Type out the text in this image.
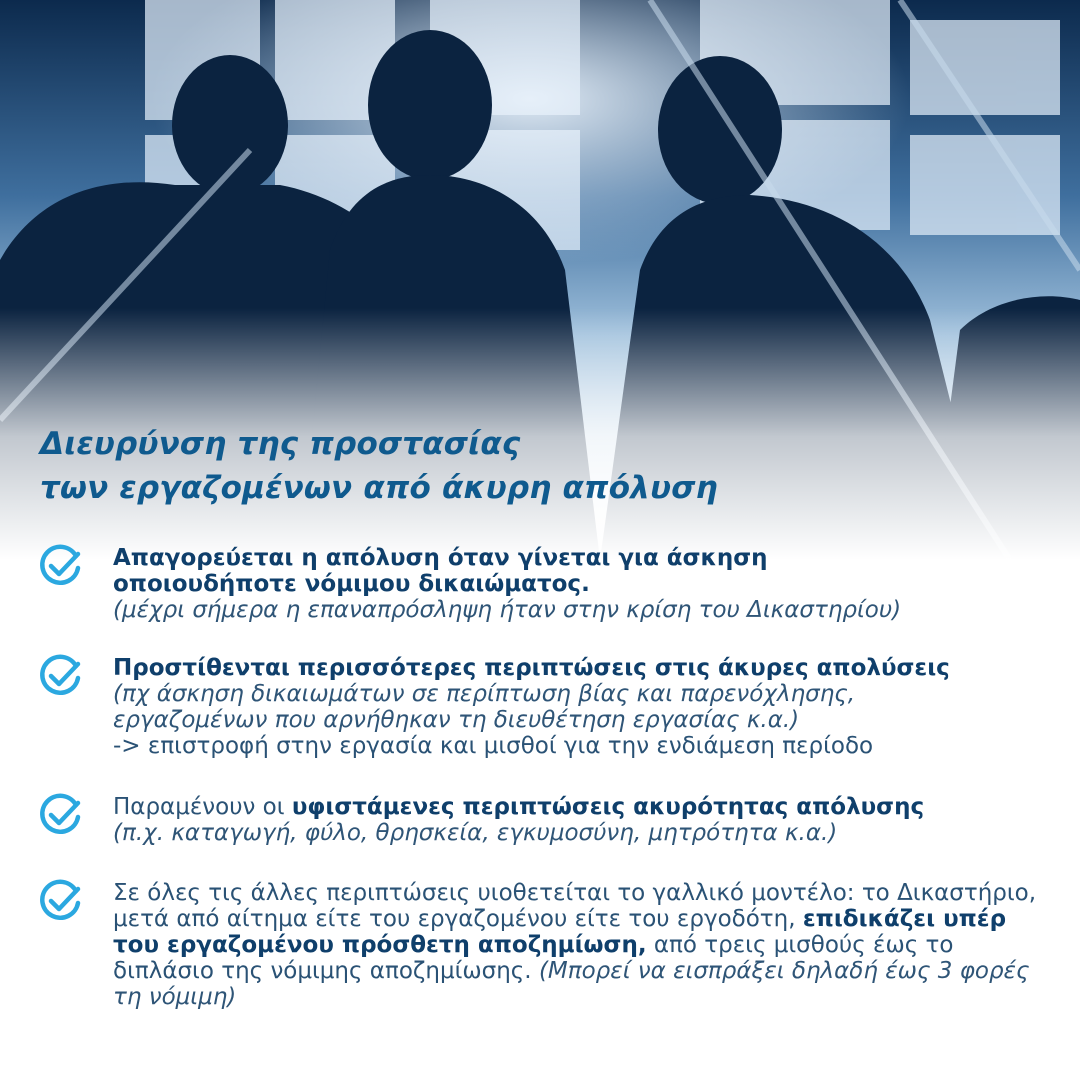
Διευρύνση της προστασίας
των εργαζομένων από άκυρη απόλυση
Απαγορεύεται η απόλυση όταν γίνεται για άσκηση οποιουδήποτε νόμιμου δικαιώματος.
(μέχρι σήμερα η επαναπρόσληψη ήταν στην κρίση του Δικαστηρίου)
Προστίθενται περισσότερες περιπτώσεις στις άκυρες απολύσεις
(πχ άσκηση δικαιωμάτων σε περίπτωση βίας και παρενόχλησης, εργαζομένων που αρνήθηκαν τη διευθέτηση εργασίας κ.α.)
-> επιστροφή στην εργασία και μισθοί για την ενδιάμεση περίοδο
Παραμένουν οι υφιστάμενες περιπτώσεις ακυρότητας απόλυσης
(π.χ. καταγωγή, φύλο, θρησκεία, εγκυμοσύνη, μητρότητα κ.α.)
Σε όλες τις άλλες περιπτώσεις υιοθετείται το γαλλικό μοντέλο: το Δικαστήριο, μετά από αίτημα είτε του εργαζομένου είτε του εργοδότη, επιδικάζει υπέρ του εργαζομένου πρόσθετη αποζημίωση, από τρεις μισθούς έως το διπλάσιο της νόμιμης αποζημίωσης. (Μπορεί να εισπράξει δηλαδή έως 3 φορές τη νόμιμη)
